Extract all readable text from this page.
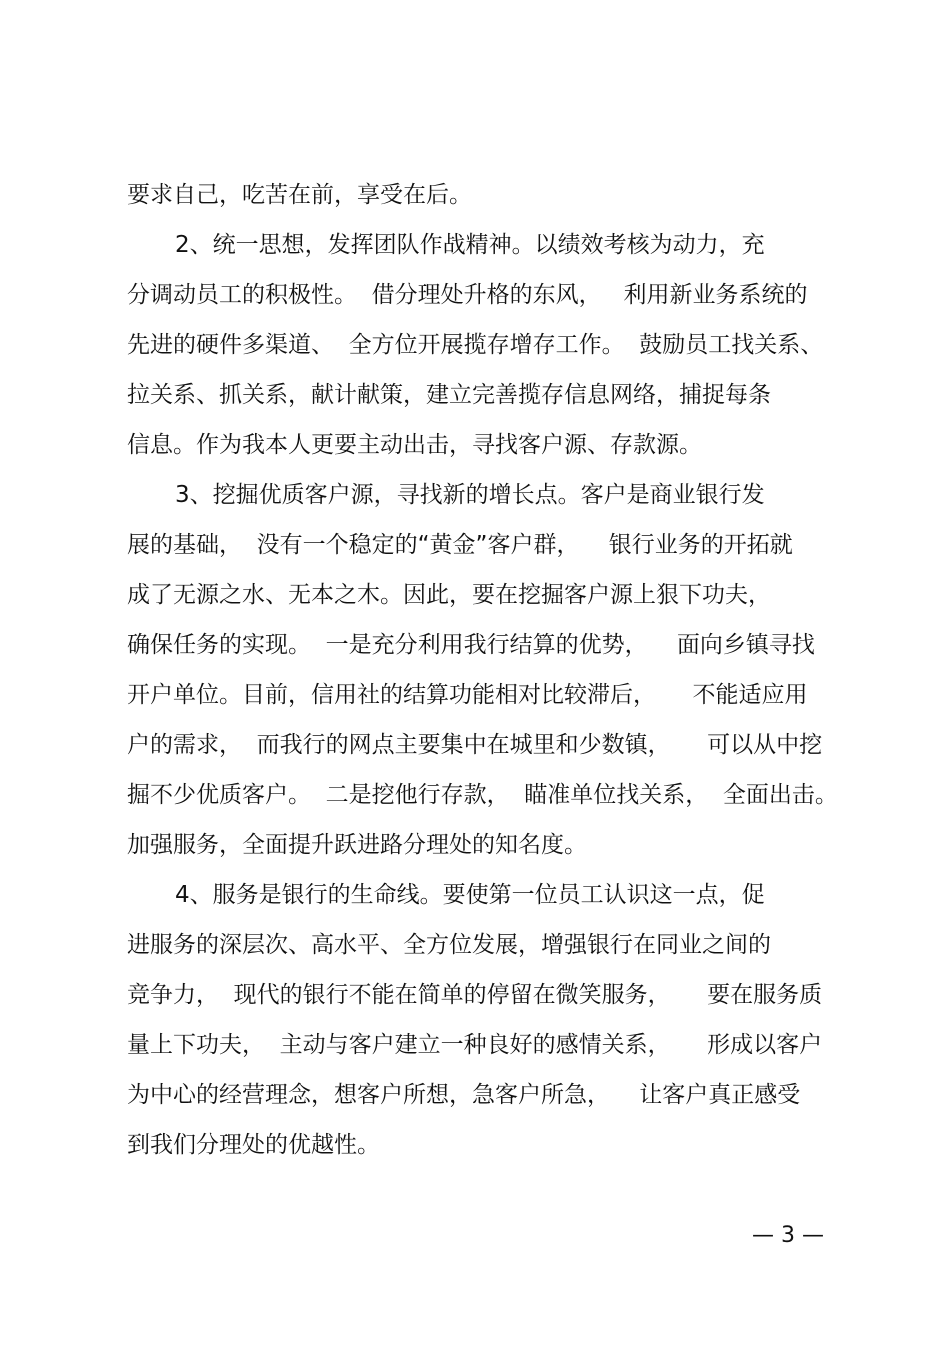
要求自己，吃苦在前，享受在后。
2、统一思想，发挥团队作战精神。以绩效考核为动力，充
分调动员工的积极性。  借分理处升格的东风，   利用新业务系统的
先进的硬件多渠道、  全方位开展揽存增存工作。  鼓励员工找关系、
拉关系、抓关系，献计献策，建立完善揽存信息网络，捕捉每条
信息。作为我本人更要主动出击，寻找客户源、存款源。
3、挖掘优质客户源，寻找新的增长点。客户是商业银行发
展的基础，  没有一个稳定的“黄金”客户群，    银行业务的开拓就
成了无源之水、无本之木。因此，要在挖掘客户源上狠下功夫，
确保任务的实现。  一是充分利用我行结算的优势，    面向乡镇寻找
开户单位。目前，信用社的结算功能相对比较滞后，     不能适应用
户的需求，  而我行的网点主要集中在城里和少数镇，     可以从中挖
掘不少优质客户。  二是挖他行存款，  瞄准单位找关系，  全面出击。
加强服务，全面提升跃进路分理处的知名度。
4、服务是银行的生命线。要使第一位员工认识这一点，促
进服务的深层次、高水平、全方位发展，增强银行在同业之间的
竞争力，  现代的银行不能在简单的停留在微笑服务，     要在服务质
量上下功夫，  主动与客户建立一种良好的感情关系，     形成以客户
为中心的经营理念，想客户所想，急客户所急，    让客户真正感受
到我们分理处的优越性。
— 3 —
